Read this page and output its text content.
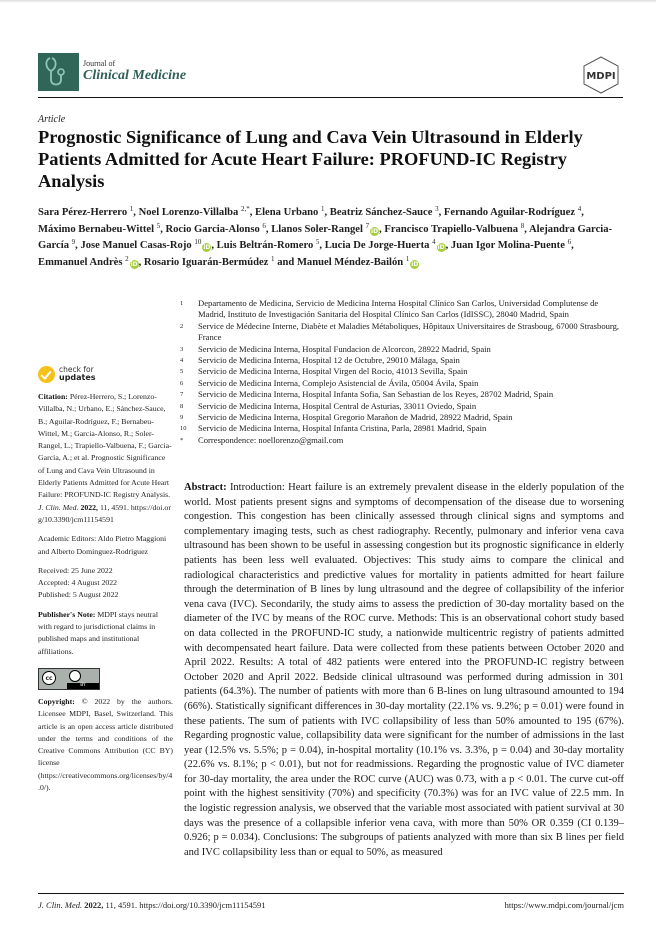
Journal of
Clinical Medicine	MDPI
Article
Prognostic Significance of Lung and Cava Vein Ultrasound in Elderly Patients Admitted for Acute Heart Failure: PROFUND-IC Registry Analysis
Sara Pérez-Herrero $^1$, Noel Lorenzo-Villalba $^{2,*}$, Elena Urbano $^1$, Beatriz Sánchez-Sauce $^3$, Fernando Aguilar-Rodríguez $^4$, Máximo Bernabeu-Wittel $^5$, Rocio Garcia-Alonso $^6$, Llanos Soler-Rangel $^7$iD, Francisco Trapiello-Valbuena $^8$, Alejandra Garcia-García $^9$, Jose Manuel Casas-Rojo $^{10}$iD, Luis Beltrán-Romero $^5$, Lucia De Jorge-Huerta $^4$iD, Juan Igor Molina-Puente $^6$, Emmanuel Andrès $^2$iD, Rosario Iguarán-Bermúdez $^1$ and Manuel Méndez-Bailón $^1$iD
1 Departamento de Medicina, Servicio de Medicina Interna Hospital Clínico San Carlos, Universidad Complutense de Madrid, Instituto de Investigación Sanitaria del Hospital Clínico San Carlos (IdISSC), 28040 Madrid, Spain
2 Service de Médecine Interne, Diabète et Maladies Métaboliques, Hôpitaux Universitaires de Strasboug, 67000 Strasbourg, France
3 Servicio de Medicina Interna, Hospital Fundacion de Alcorcon, 28922 Madrid, Spain
4 Servicio de Medicina Interna, Hospital 12 de Octubre, 29010 Málaga, Spain
5 Servicio de Medicina Interna, Hospital Virgen del Rocio, 41013 Sevilla, Spain
6 Servicio de Medicina Interna, Complejo Asistencial de Ávila, 05004 Ávila, Spain
7 Servicio de Medicina Interna, Hospital Infanta Sofia, San Sebastian de los Reyes, 28702 Madrid, Spain
8 Servicio de Medicina Interna, Hospital Central de Asturias, 33011 Oviedo, Spain
9 Servicio de Medicina Interna, Hospital Gregorio Marañon de Madrid, 28922 Madrid, Spain
10 Servicio de Medicina Interna, Hospital Infanta Cristina, Parla, 28981 Madrid, Spain
* Correspondence: noellorenzo@gmail.com
check for
updates
Citation: Pérez-Herrero, S.; Lorenzo-Villalba, N.; Urbano, E.; Sánchez-Sauce, B.; Aguilar-Rodríguez, F.; Bernabeu-Wittel, M.; Garcia-Alonso, R.; Soler-Rangel, L.; Trapiello-Valbuena, F.; Garcia-Garcia, A.; et al. Prognostic Significance of Lung and Cava Vein Ultrasound in Elderly Patients Admitted for Acute Heart Failure: PROFUND-IC Registry Analysis. J. Clin. Med. 2022, 11, 4591. https://doi.org/10.3390/jcm11154591
Academic Editors: Aldo Pietro Maggioni and Alberto Dominguez-Rodriguez
Received: 25 June 2022
Accepted: 4 August 2022
Published: 5 August 2022
Publisher's Note: MDPI stays neutral with regard to jurisdictional claims in published maps and institutional affiliations.
cc
BY
Copyright: © 2022 by the authors. Licensee MDPI, Basel, Switzerland. This article is an open access article distributed under the terms and conditions of the Creative Commons Attribution (CC BY) license (https://creativecommons.org/licenses/by/4.0/).
Abstract: Introduction: Heart failure is an extremely prevalent disease in the elderly population of the world. Most patients present signs and symptoms of decompensation of the disease due to worsening congestion. This congestion has been clinically assessed through clinical signs and symptoms and complementary imaging tests, such as chest radiography. Recently, pulmonary and inferior vena cava ultrasound has been shown to be useful in assessing congestion but its prognostic significance in elderly patients has been less well evaluated. Objectives: This study aims to compare the clinical and radiological characteristics and predictive values for mortality in patients admitted for heart failure through the determination of B lines by lung ultrasound and the degree of collapsibility of the inferior vena cava (IVC). Secondarily, the study aims to assess the prediction of 30-day mortality based on the diameter of the IVC by means of the ROC curve. Methods: This is an observational cohort study based on data collected in the PROFUND-IC study, a nationwide multicentric registry of patients admitted with decompensated heart failure. Data were collected from these patients between October 2020 and April 2022. Results: A total of 482 patients were entered into the PROFUND-IC registry between October 2020 and April 2022. Bedside clinical ultrasound was performed during admission in 301 patients (64.3%). The number of patients with more than 6 B-lines on lung ultrasound amounted to 194 (66%). Statistically significant differences in 30-day mortality (22.1% vs. 9.2%; p = 0.01) were found in these patients. The sum of patients with IVC collapsibility of less than 50% amounted to 195 (67%). Regarding prognostic value, collapsibility data were significant for the number of admissions in the last year (12.5% vs. 5.5%; p = 0.04), in-hospital mortality (10.1% vs. 3.3%, p = 0.04) and 30-day mortality (22.6% vs. 8.1%; p < 0.01), but not for readmissions. Regarding the prognostic value of IVC diameter for 30-day mortality, the area under the ROC curve (AUC) was 0.73, with a p < 0.01. The curve cut-off point with the highest sensitivity (70%) and specificity (70.3%) was for an IVC value of 22.5 mm. In the logistic regression analysis, we observed that the variable most associated with patient survival at 30 days was the presence of a collapsible inferior vena cava, with more than 50% OR 0.359 (CI 0.139–0.926; p = 0.034). Conclusions: The subgroups of patients analyzed with more than six B lines per field and IVC collapsibility less than or equal to 50%, as measured
J. Clin. Med. 2022, 11, 4591. https://doi.org/10.3390/jcm11154591	https://www.mdpi.com/journal/jcm
